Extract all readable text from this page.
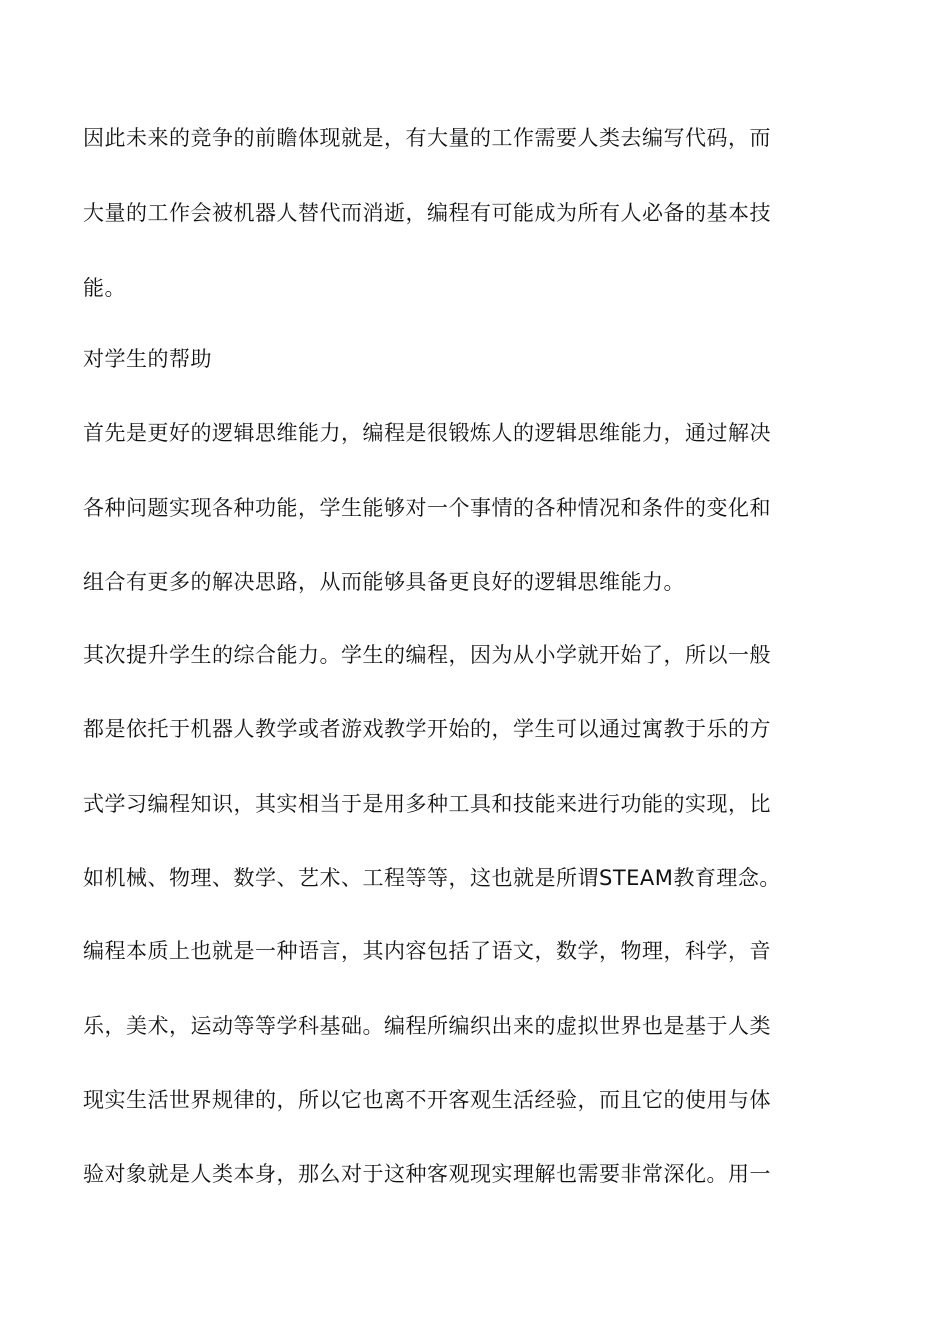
因此未来的竞争的前瞻体现就是，有大量的工作需要人类去编写代码，而
大量的工作会被机器人替代而消逝，编程有可能成为所有人必备的基本技
能。
对学生的帮助
首先是更好的逻辑思维能力，编程是很锻炼人的逻辑思维能力，通过解决
各种问题实现各种功能，学生能够对一个事情的各种情况和条件的变化和
组合有更多的解决思路，从而能够具备更良好的逻辑思维能力。
其次提升学生的综合能力。学生的编程，因为从小学就开始了，所以一般
都是依托于机器人教学或者游戏教学开始的，学生可以通过寓教于乐的方
式学习编程知识，其实相当于是用多种工具和技能来进行功能的实现，比
如机械、物理、数学、艺术、工程等等，这也就是所谓STEAM教育理念。
编程本质上也就是一种语言，其内容包括了语文，数学，物理，科学，音
乐，美术，运动等等学科基础。编程所编织出来的虚拟世界也是基于人类
现实生活世界规律的，所以它也离不开客观生活经验，而且它的使用与体
验对象就是人类本身，那么对于这种客观现实理解也需要非常深化。用一
